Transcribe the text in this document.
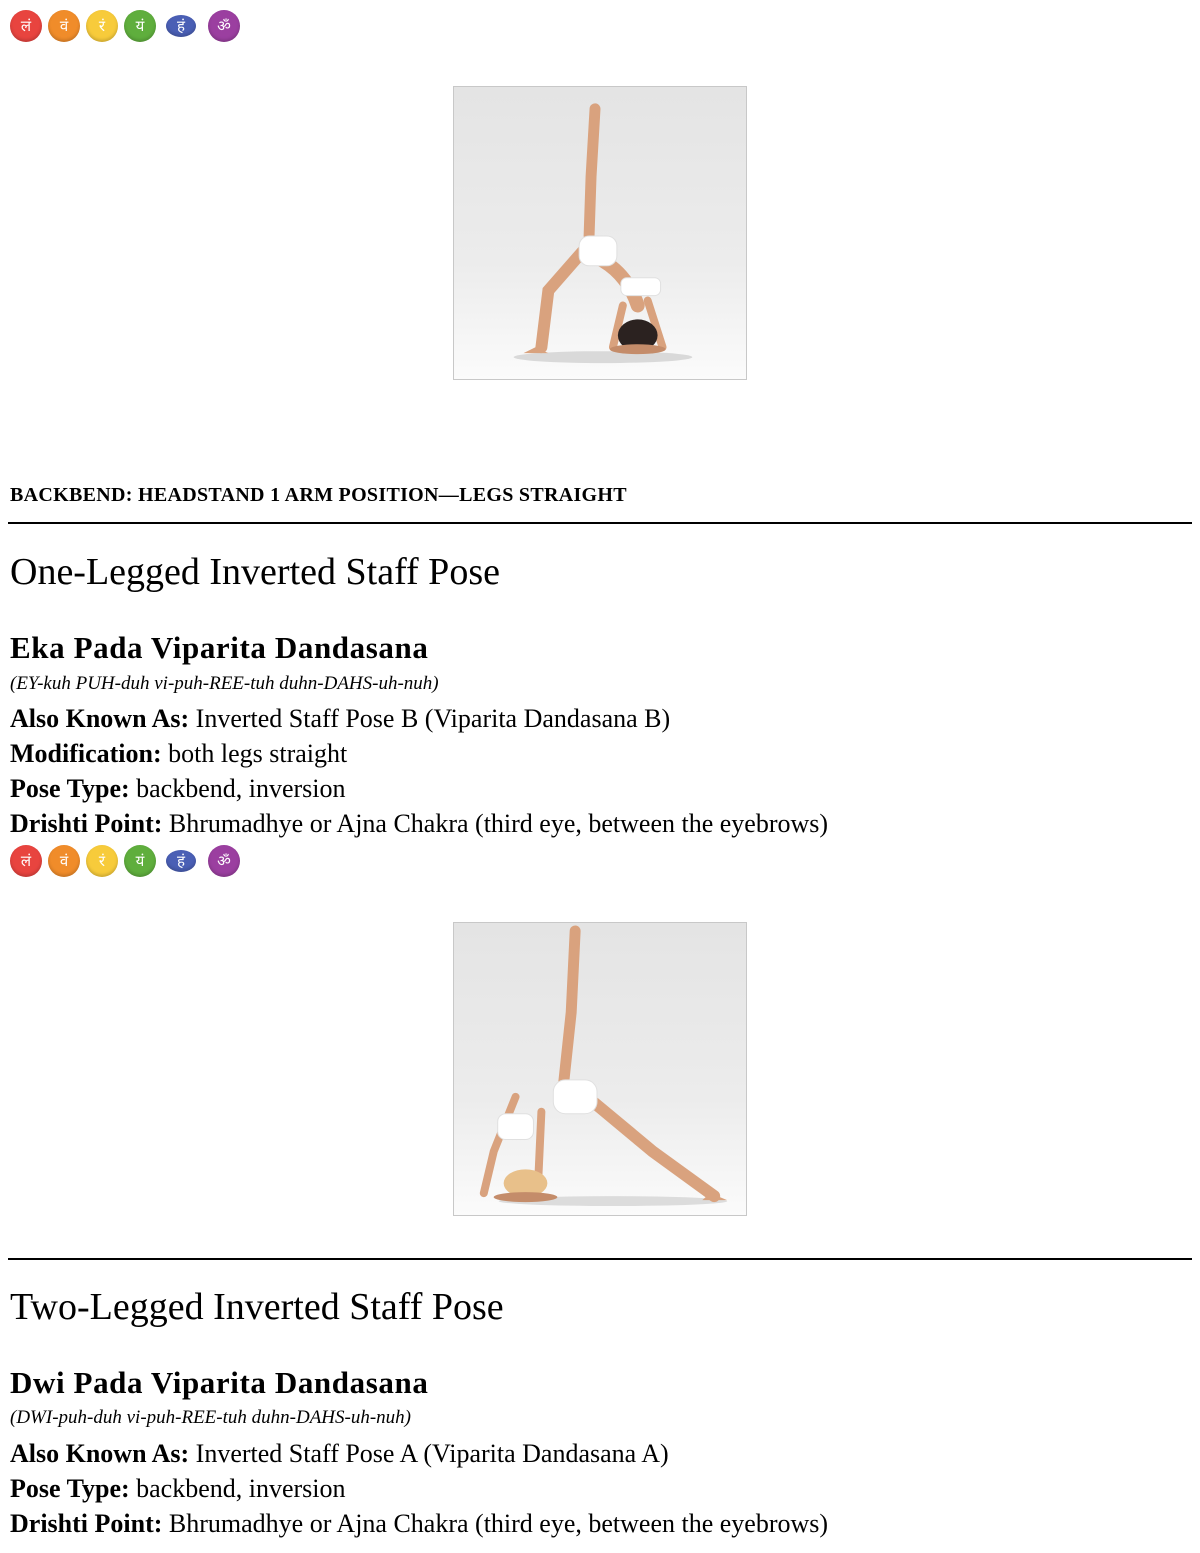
लं	वं	रं	यं	हं	ॐ
BACKBEND: HEADSTAND 1 ARM POSITION—LEGS STRAIGHT
One-Legged Inverted Staff Pose
Eka Pada Viparita Dandasana
(EY-kuh PUH-duh vi-puh-REE-tuh duhn-DAHS-uh-nuh)
Also Known As: Inverted Staff Pose B (Viparita Dandasana B)
Modification: both legs straight
Pose Type: backbend, inversion
Drishti Point: Bhrumadhye or Ajna Chakra (third eye, between the eyebrows)
लं	वं	रं	यं	हं	ॐ
Two-Legged Inverted Staff Pose
Dwi Pada Viparita Dandasana
(DWI-puh-duh vi-puh-REE-tuh duhn-DAHS-uh-nuh)
Also Known As: Inverted Staff Pose A (Viparita Dandasana A)
Pose Type: backbend, inversion
Drishti Point: Bhrumadhye or Ajna Chakra (third eye, between the eyebrows)
